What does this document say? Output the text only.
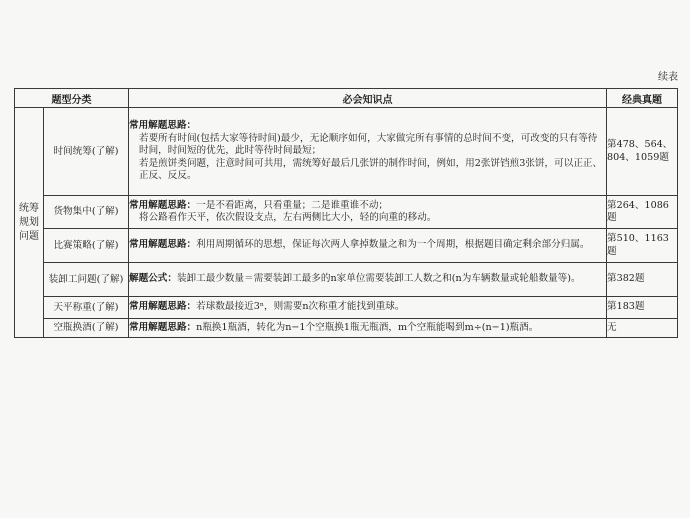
续表
题型分类		必会知识点	经典真题
统筹规划问题	时间统筹(了解)	常用解题思路：
若要所有时间(包括大家等待时间)最少，无论顺序如何，大家做完所有事情的总时间不变，可改变的只有等待时间，时间短的优先，此时等待时间最短；
若是煎饼类问题，注意时间可共用，需统筹好最后几张饼的制作时间，例如，用2张饼铛煎3张饼，可以正正、正反、反反。	第478、564、804、1059题
	货物集中(了解)	常用解题思路：一是不看距离，只看重量；二是谁重谁不动；
将公路看作天平，依次假设支点，左右两侧比大小，轻的向重的移动。	第264、1086题
	比赛策略(了解)	常用解题思路：利用周期循环的思想，保证每次两人拿掉数量之和为一个周期，根据题目确定剩余部分归属。	第510、1163题
	装卸工问题(了解)	解题公式：装卸工最少数量＝需要装卸工最多的n家单位需要装卸工人数之和(n为车辆数量或轮船数量等)。	第382题
	天平称重(了解)	常用解题思路：若球数最接近3ⁿ，则需要n次称重才能找到重球。	第183题
	空瓶换酒(了解)	常用解题思路：n瓶换1瓶酒，转化为n−1个空瓶换1瓶无瓶酒，m个空瓶能喝到m÷(n−1)瓶酒。	无
